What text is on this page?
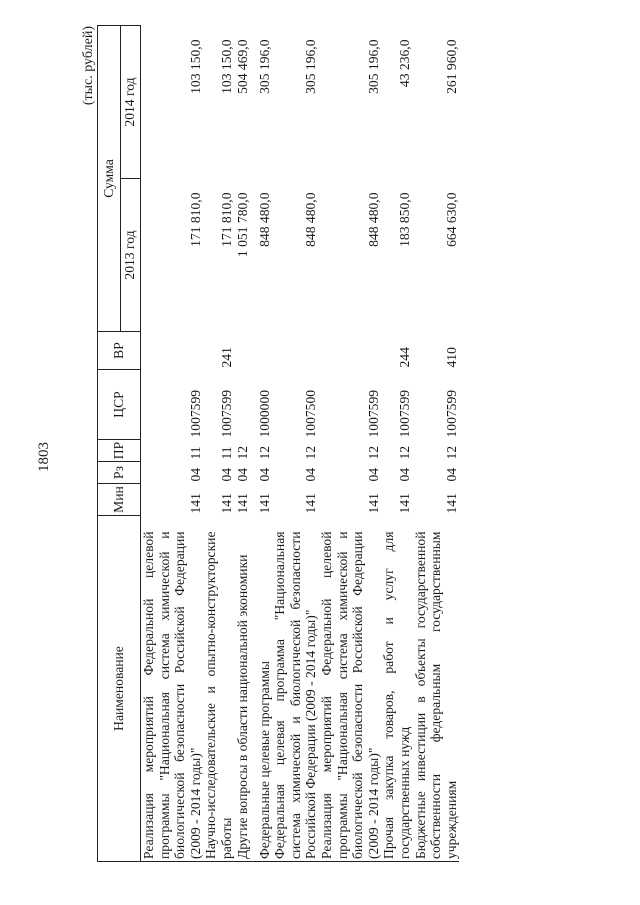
1803
(тыс. рублей)
Наименование	Мин	Рз	ПР	ЦСР	ВР	Сумма	
						2013 год	2014 год
Реализация мероприятий Федеральной целевой программы "Национальная система химической и биологической безопасности Российской Федерации (2009 - 2014 годы)"	141	04	11	1007599		171 810,0	103 150,0
Научно-исследовательские и опытно-конструкторские работы	141	04	11	1007599	241	171 810,0	103 150,0
Другие вопросы в области национальной экономики	141	04	12			1 051 780,0	504 469,0
Федеральные целевые программы	141	04	12	1000000		848 480,0	305 196,0
Федеральная целевая программа "Национальная система химической и биологической безопасности Российской Федерации (2009 - 2014 годы)"	141	04	12	1007500		848 480,0	305 196,0
Реализация мероприятий Федеральной целевой программы "Национальная система химической и биологической безопасности Российской Федерации (2009 - 2014 годы)"	141	04	12	1007599		848 480,0	305 196,0
Прочая закупка товаров, работ и услуг для государственных нужд	141	04	12	1007599	244	183 850,0	43 236,0
Бюджетные инвестиции в объекты государственной собственности федеральным государственным учреждениям	141	04	12	1007599	410	664 630,0	261 960,0
